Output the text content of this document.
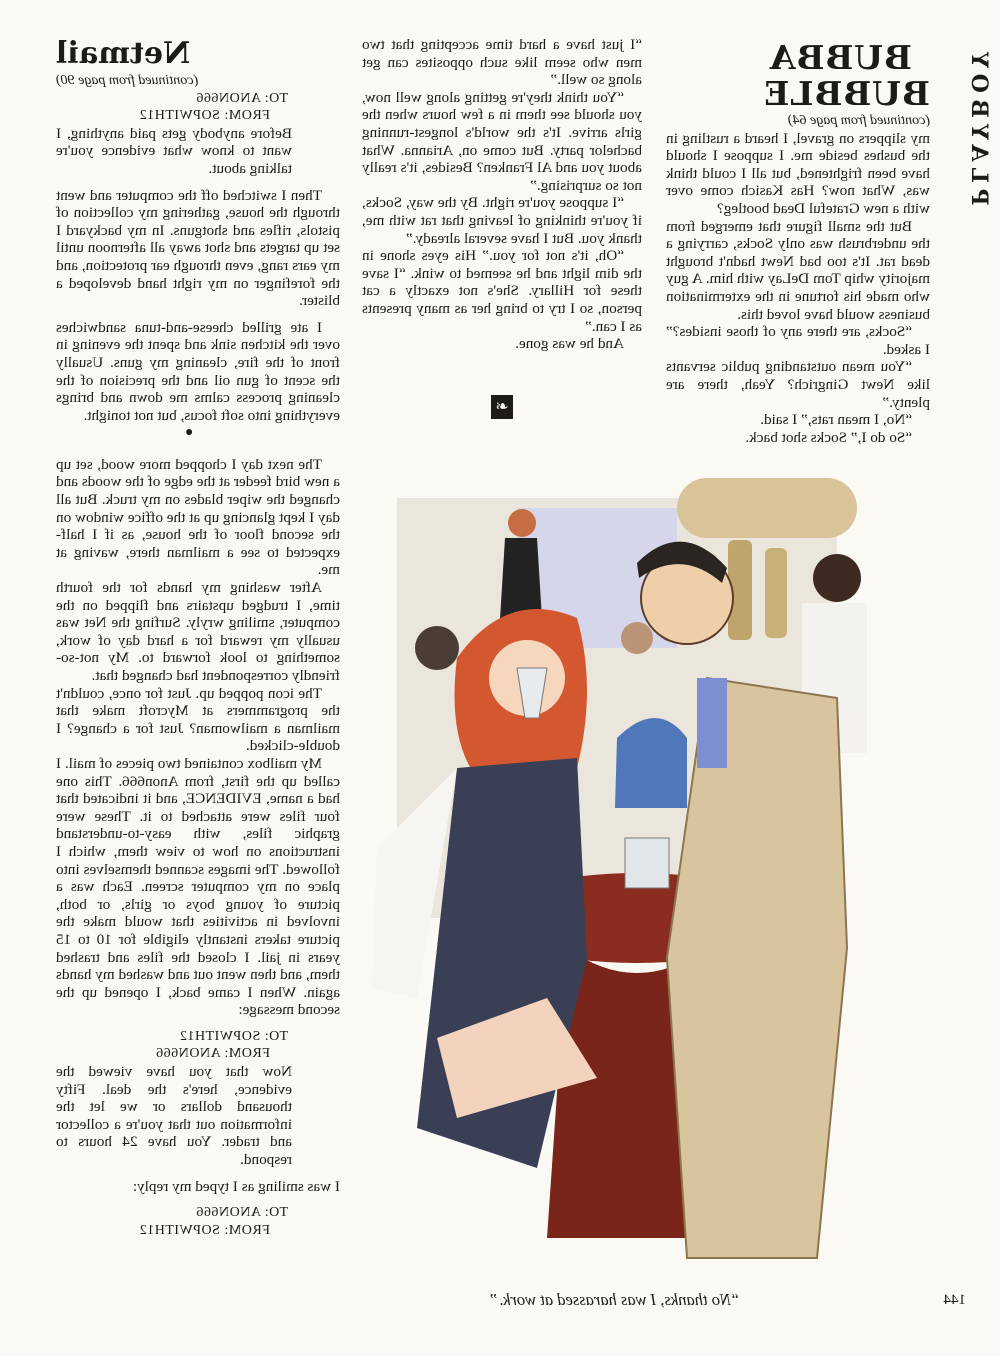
PLAYBOY

BUBBA BUBBLE

(continued from page 64)

my slippers on gravel, I heard a rustling in the bushes beside me. I suppose I should have been frightened, but all I could think was, What now? Has Kasich come over with a new Grateful Dead bootleg?

But the small figure that emerged from the underbrush was only Socks, carrying a dead rat. It's too bad Newt hadn't brought majority whip Tom DeLay with him. A guy who made his fortune in the extermination business would have loved this.

“Socks, are there any of those insides?” I asked.

“You mean outstanding public servants like Newt Gingrich? Yeah, there are plenty.”

“No, I mean rats,” I said.

“So do I,” Socks shot back.

“I just have a hard time accepting that two men who seem like such opposites can get along so well.”

“You think they're getting along well now, you should see them in a few hours when the girls arrive. It's the world's longest-running bachelor party. But come on, Arianna. What about you and Al Franken? Besides, it's really not so surprising.”

“I suppose you're right. By the way, Socks, if you're thinking of leaving that rat with me, thank you. But I have several already.”

“Oh, it's not for you.” His eyes shone in the dim light and he seemed to wink. “I save these for Hillary. She's not exactly a cat person, so I try to bring her as many presents as I can.”

And he was gone.

☙

Netmail

(continued from page 90)

TO: ANON666

FROM: SOPWITH12

Before anybody gets paid anything, I want to know what evidence you're talking about.

Then I switched off the computer and went through the house, gathering my collection of pistols, rifles and shotguns. In my backyard I set up targets and shot away all afternoon until my ears rang, even through ear protection, and the forefinger on my right hand developed a blister.

I ate grilled cheese-and-tuna sandwiches over the kitchen sink and spent the evening in front of the fire, cleaning my guns. Usually the scent of gun oil and the precision of the cleaning process calms me down and brings everything into soft focus, but not tonight.

●

The next day I chopped more wood, set up a new bird feeder at the edge of the woods and changed the wiper blades on my truck. But all day I kept glancing up at the office window on the second floor of the house, as if I half-expected to see a mailman there, waving at me.

After washing my hands for the fourth time, I trudged upstairs and flipped on the computer, smiling wryly. Surfing the Net was usually my reward for a hard day of work, something to look forward to. My not-so-friendly correspondent had changed that.

The icon popped up. Just for once, couldn't the programmers at Mycroft make that mailman a mailwoman? Just for a change? I double-clicked.

My mailbox contained two pieces of mail. I called up the first, from Anon666. This one had a name, EVIDENCE, and it indicated that four files were attached to it. These were graphic files, with easy-to-understand instructions on how to view them, which I followed. The images scanned themselves into place on my computer screen. Each was a picture of young boys or girls, or both, involved in activities that would make the picture takers instantly eligible for 10 to 15 years in jail. I closed the files and trashed them, and then went out and washed my hands again. When I came back, I opened up the second message:

TO: SOPWITH12

FROM: ANON666

Now that you have viewed the evidence, here's the deal. Fifty thousand dollars or we let the information out that you're a collector and trader. You have 24 hours to respond.

I was smiling as I typed my reply:

TO: ANON666

FROM: SOPWITH12

“No thanks, I was harassed at work.”	144
